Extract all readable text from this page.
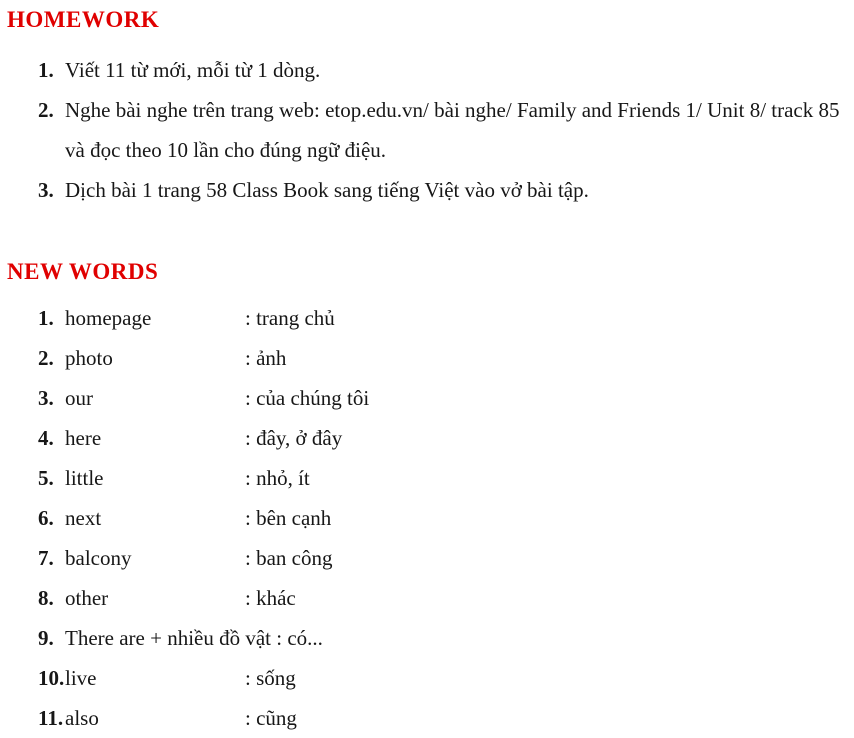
HOMEWORK
1. Viết 11 từ mới, mỗi từ 1 dòng.
2. Nghe bài nghe trên trang web: etop.edu.vn/ bài nghe/ Family and Friends 1/ Unit 8/ track 85 và đọc theo 10 lần cho đúng ngữ điệu.
3. Dịch bài 1 trang 58 Class Book sang tiếng Việt vào vở bài tập.
NEW WORDS
1. homepage	: trang chủ
2. photo	: ảnh
3. our	: của chúng tôi
4. here	: đây, ở đây
5. little	: nhỏ, ít
6. next	: bên cạnh
7. balcony	: ban công
8. other	: khác
9. There are + nhiều đồ vật : có...
10. live	: sống
11. also	: cũng
